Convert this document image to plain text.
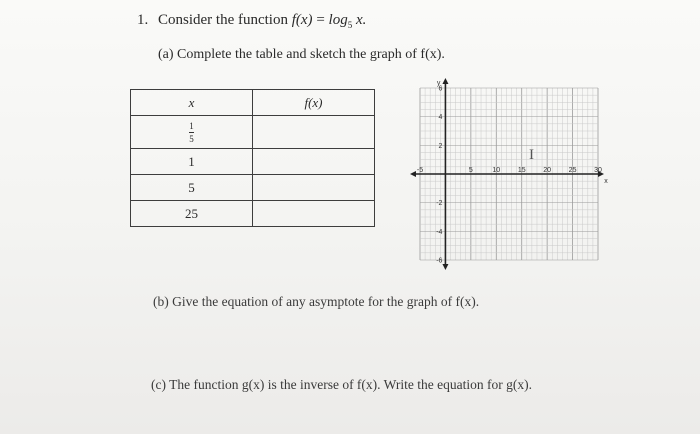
1. Consider the function $f(x) = \log_5 x$.
(a) Complete the table and sketch the graph of f(x).
x	f(x)
$\frac{1}{5}$	
1	
5	
25	
y
x
-5	5	10	15	20	25	30
6
4
2
-2
-4
-6
I
(b) Give the equation of any asymptote for the graph of f(x).
(c) The function g(x) is the inverse of f(x). Write the equation for g(x).
